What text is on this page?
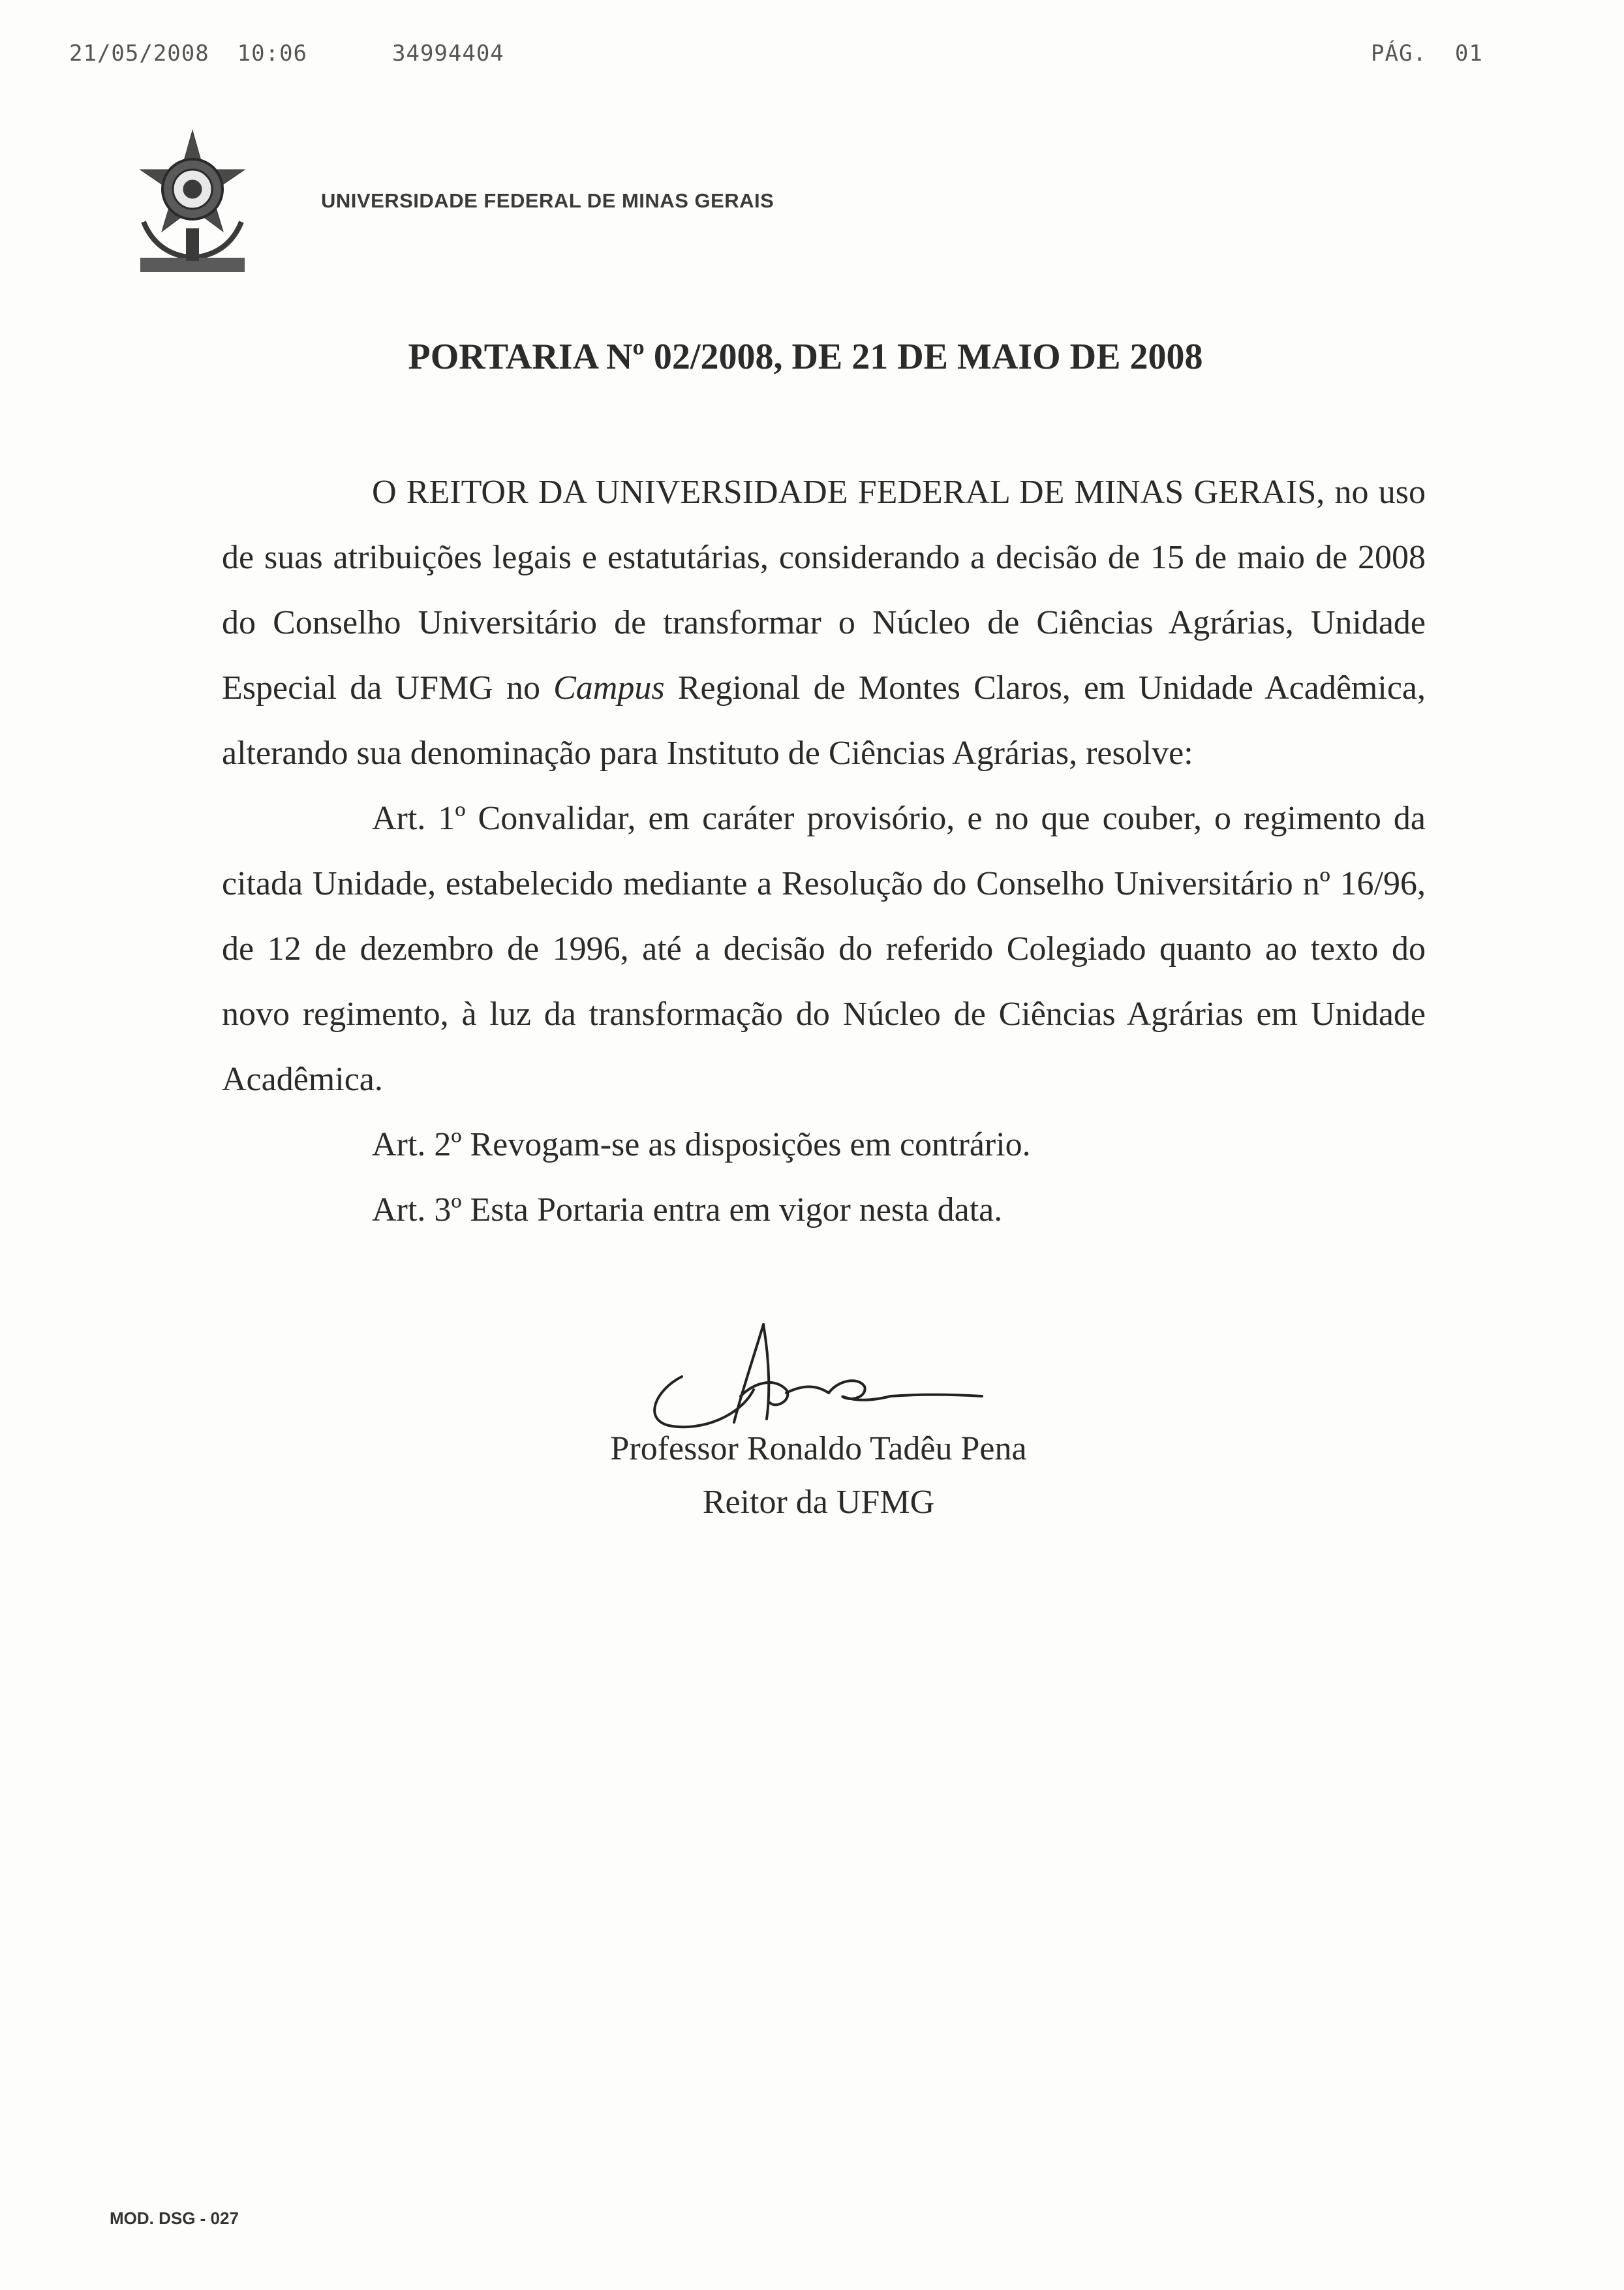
21/05/2008 10:06	34994404	PÁG. 01
UNIVERSIDADE FEDERAL DE MINAS GERAIS
PORTARIA Nº 02/2008, DE 21 DE MAIO DE 2008

O REITOR DA UNIVERSIDADE FEDERAL DE MINAS GERAIS, no uso de suas atribuições legais e estatutárias, considerando a decisão de 15 de maio de 2008 do Conselho Universitário de transformar o Núcleo de Ciências Agrárias, Unidade Especial da UFMG no Campus Regional de Montes Claros, em Unidade Acadêmica, alterando sua denominação para Instituto de Ciências Agrárias, resolve:

Art. 1º Convalidar, em caráter provisório, e no que couber, o regimento da citada Unidade, estabelecido mediante a Resolução do Conselho Universitário nº 16/96, de 12 de dezembro de 1996, até a decisão do referido Colegiado quanto ao texto do novo regimento, à luz da transformação do Núcleo de Ciências Agrárias em Unidade Acadêmica.

Art. 2º Revogam-se as disposições em contrário.

Art. 3º Esta Portaria entra em vigor nesta data.

Professor Ronaldo Tadêu Pena
Reitor da UFMG
MOD. DSG - 027
